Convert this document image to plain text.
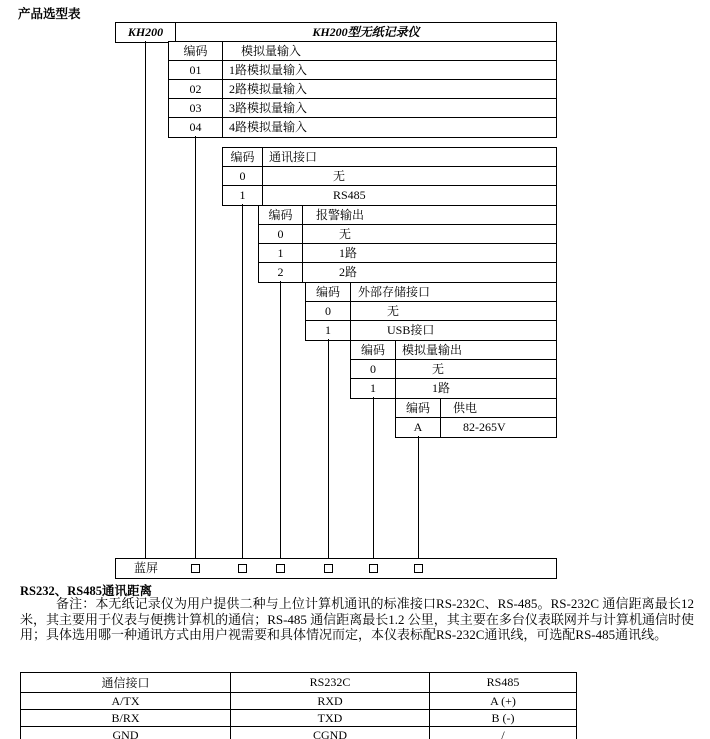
产品选型表
KH200	KH200型无纸记录仪
编码	模拟量输入
01	1路模拟量输入
02	2路模拟量输入
03	3路模拟量输入
04	4路模拟量输入
编码	通讯接口
0	无
1	RS485
编码	报警输出
0	无
1	1路
2	2路
编码	外部存储接口
0	无
1	USB接口
编码	模拟量输出
0	无
1	1路
编码	供电
A	82-265V
蓝屏
RS232、RS485通讯距离
备注：本无纸记录仪为用户提供二种与上位计算机通讯的标准接口RS-232C、RS-485。RS-232C 通信距离最长12米，其主要用于仪表与便携计算机的通信；RS-485 通信距离最长1.2 公里，其主要在多台仪表联网并与计算机通信时使用；具体选用哪一种通讯方式由用户视需要和具体情况而定，本仪表标配RS-232C通讯线，可选配RS-485通讯线。
通信接口	RS232C	RS485
A/TX	RXD	A (+)
B/RX	TXD	B (-)
GND	CGND	/
